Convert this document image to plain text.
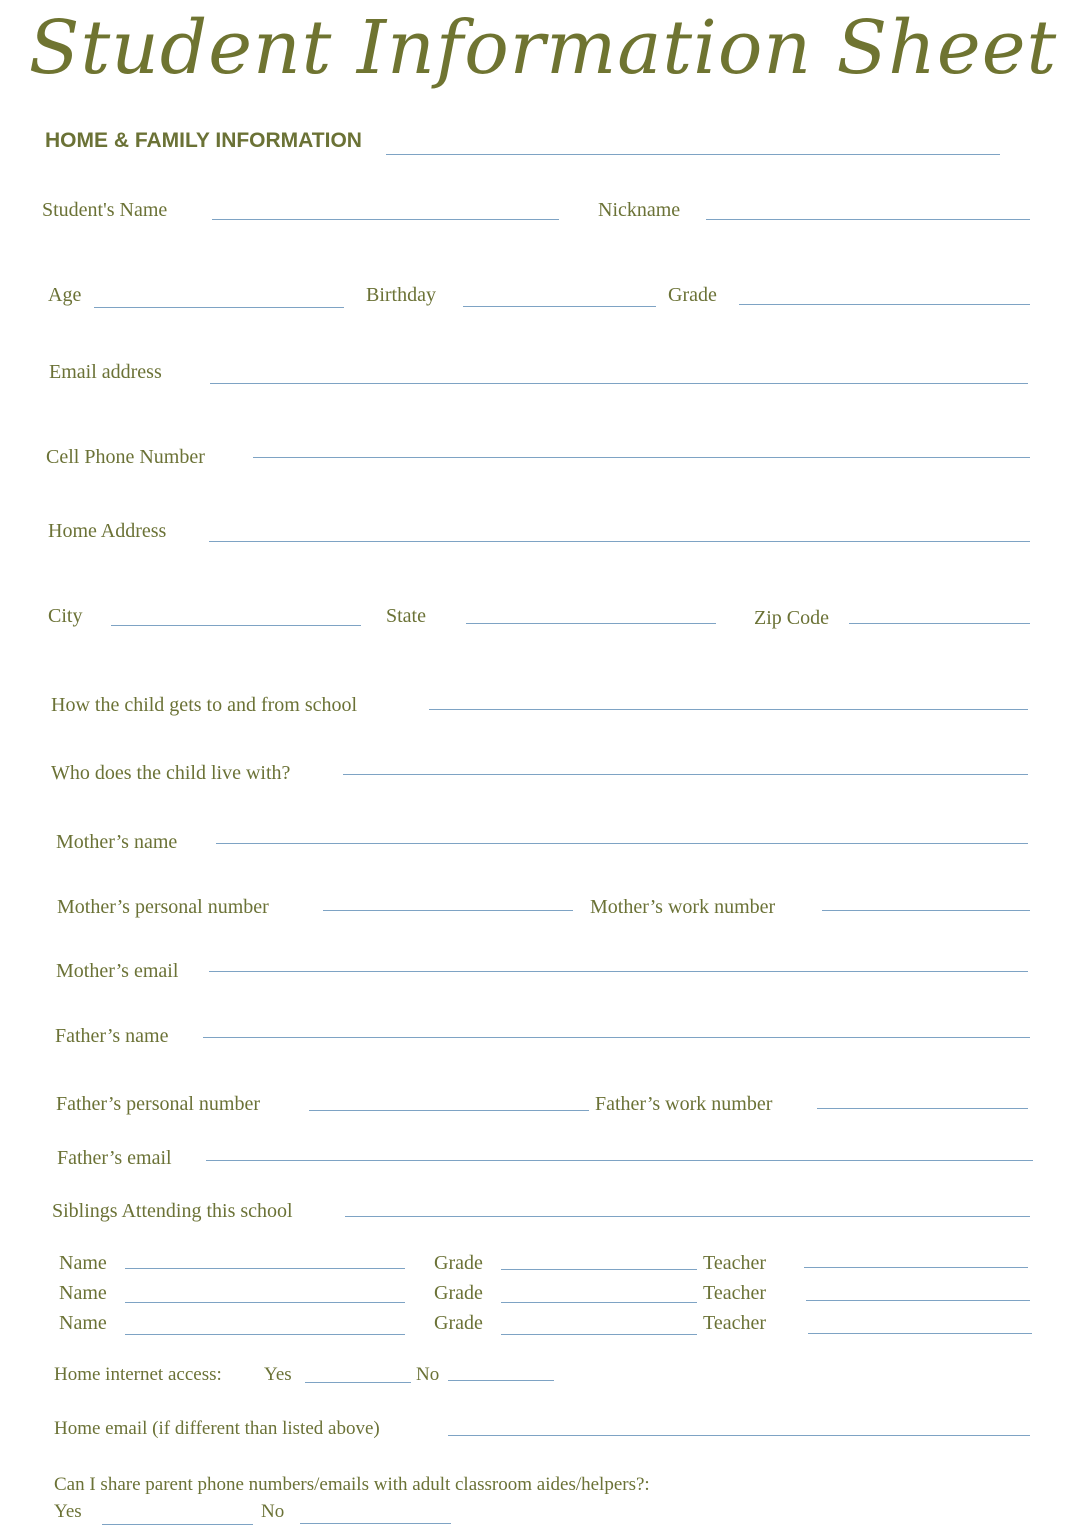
Student Information Sheet
HOME & FAMILY INFORMATION
Student's Name	Nickname
Age	Birthday	Grade
Email address
Cell Phone Number
Home Address
City	State	Zip Code
How the child gets to and from school
Who does the child live with?
Mother’s name
Mother’s personal number	Mother’s work number
Mother’s email
Father’s name
Father’s personal number	Father’s work number
Father’s email
Siblings Attending this school
Name	Grade	Teacher
Name	Grade	Teacher
Name	Grade	Teacher
Home internet access: Yes	No
Home email (if different than listed above)
Can I share parent phone numbers/emails with adult classroom aides/helpers?:
Yes	No
